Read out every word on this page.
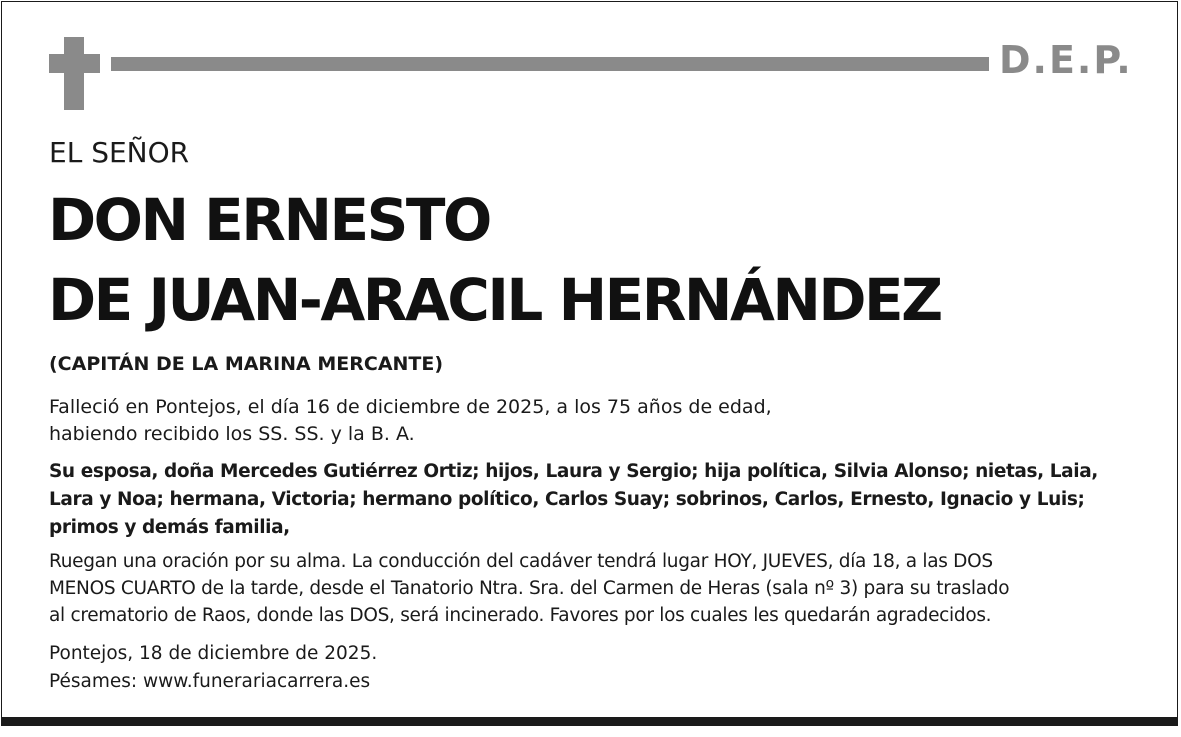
D.E.P.
EL SEÑOR
DON ERNESTO
DE JUAN-ARACIL HERNÁNDEZ
(CAPITÁN DE LA MARINA MERCANTE)
Falleció en Pontejos, el día 16 de diciembre de 2025, a los 75 años de edad,
habiendo recibido los SS. SS. y la B. A.
Su esposa, doña Mercedes Gutiérrez Ortiz; hijos, Laura y Sergio; hija política, Silvia Alonso; nietas, Laia,
Lara y Noa; hermana, Victoria; hermano político, Carlos Suay; sobrinos, Carlos, Ernesto, Ignacio y Luis;
primos y demás familia,
Ruegan una oración por su alma. La conducción del cadáver tendrá lugar HOY, JUEVES, día 18, a las DOS
MENOS CUARTO de la tarde, desde el Tanatorio Ntra. Sra. del Carmen de Heras (sala nº 3) para su traslado
al crematorio de Raos, donde las DOS, será incinerado. Favores por los cuales les quedarán agradecidos.
Pontejos, 18 de diciembre de 2025.
Pésames: www.funerariacarrera.es
